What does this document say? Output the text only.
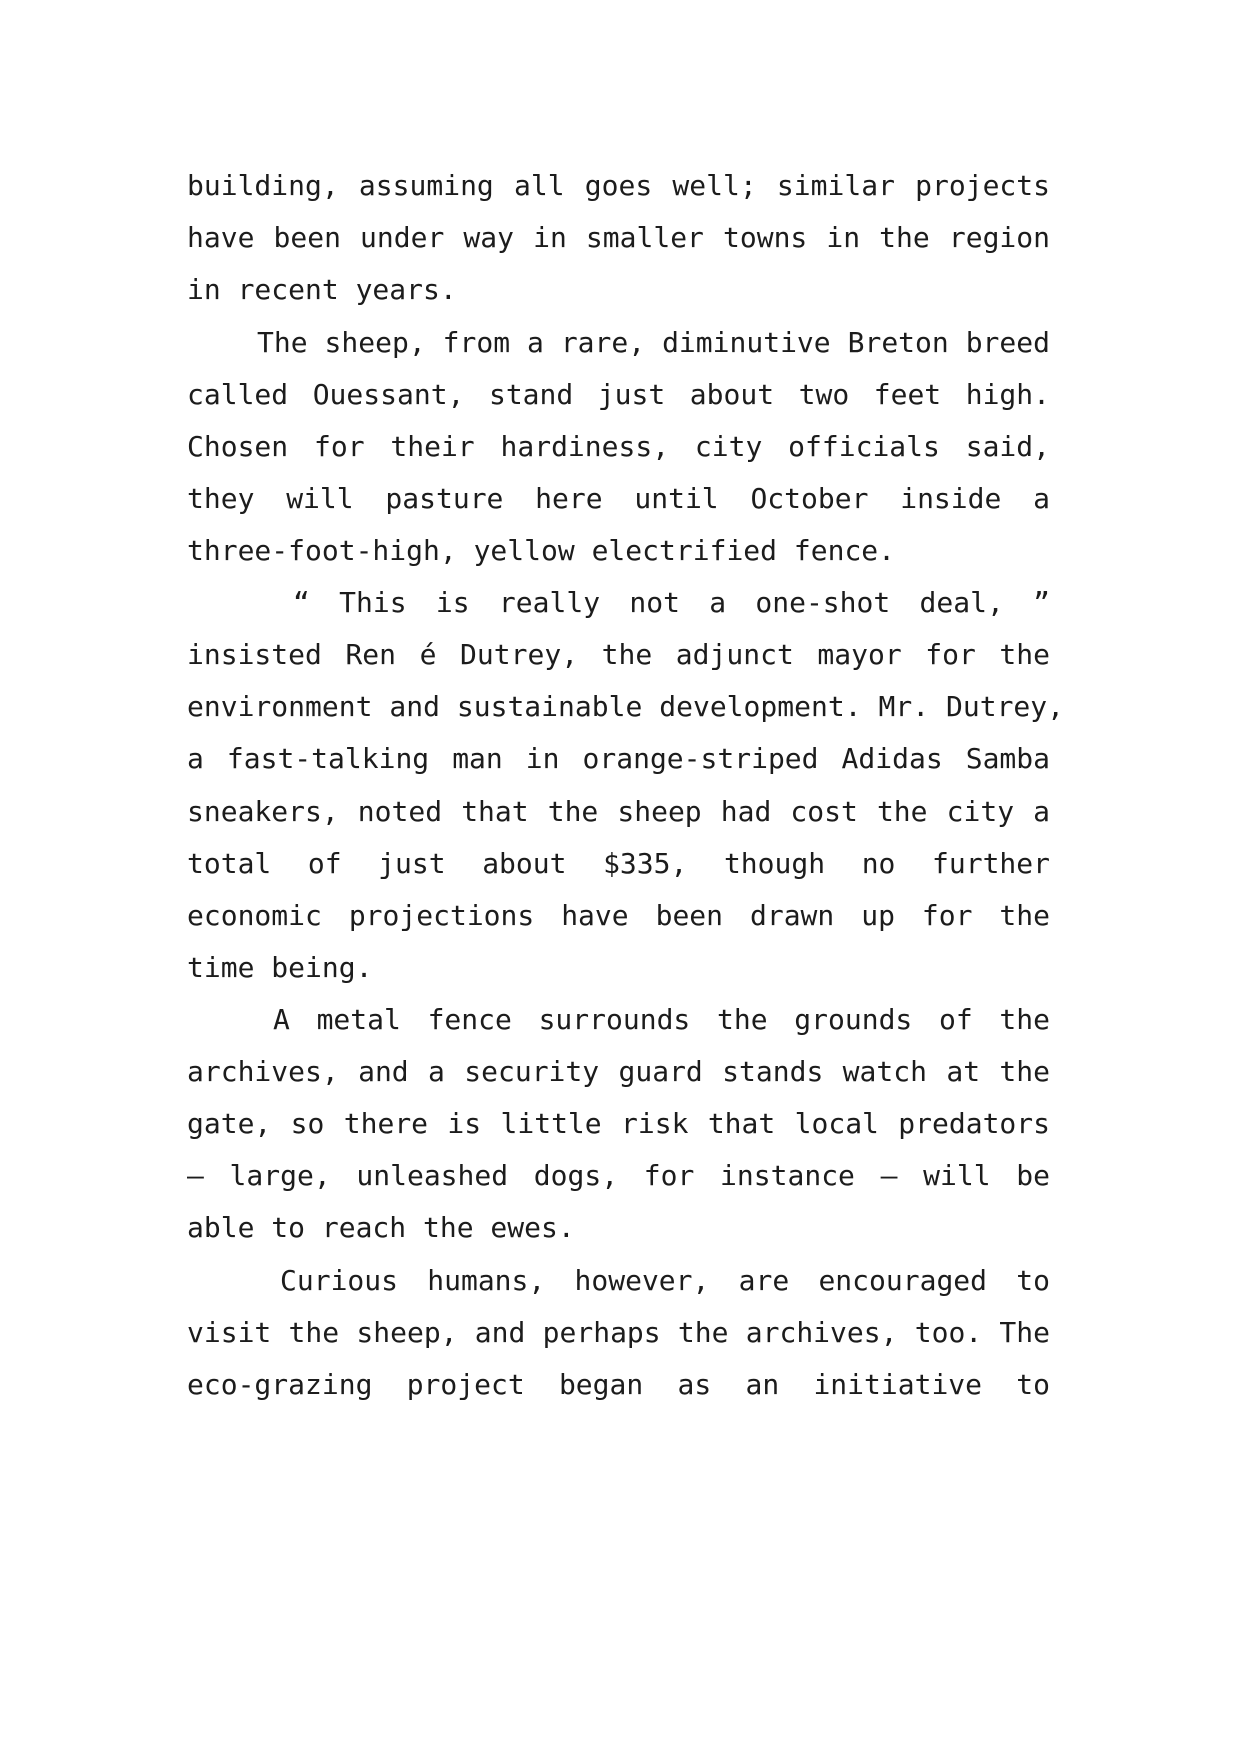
building, assuming all goes well; similar projects
have been under way in smaller towns in the region
in recent years.
The sheep, from a rare, diminutive Breton breed
called Ouessant, stand just about two feet high.
Chosen for their hardiness, city officials said,
they will pasture here until October inside a
three-foot-high, yellow electrified fence.
“ This is really not a one-shot deal, ”
insisted Ren é Dutrey, the adjunct mayor for the
environment and sustainable development. Mr. Dutrey,
a fast-talking man in orange-striped Adidas Samba
sneakers, noted that the sheep had cost the city a
total of just about $335, though no further
economic projections have been drawn up for the
time being.
A metal fence surrounds the grounds of the
archives, and a security guard stands watch at the
gate, so there is little risk that local predators
— large, unleashed dogs, for instance — will be
able to reach the ewes.
Curious humans, however, are encouraged to
visit the sheep, and perhaps the archives, too. The
eco-grazing project began as an initiative to
